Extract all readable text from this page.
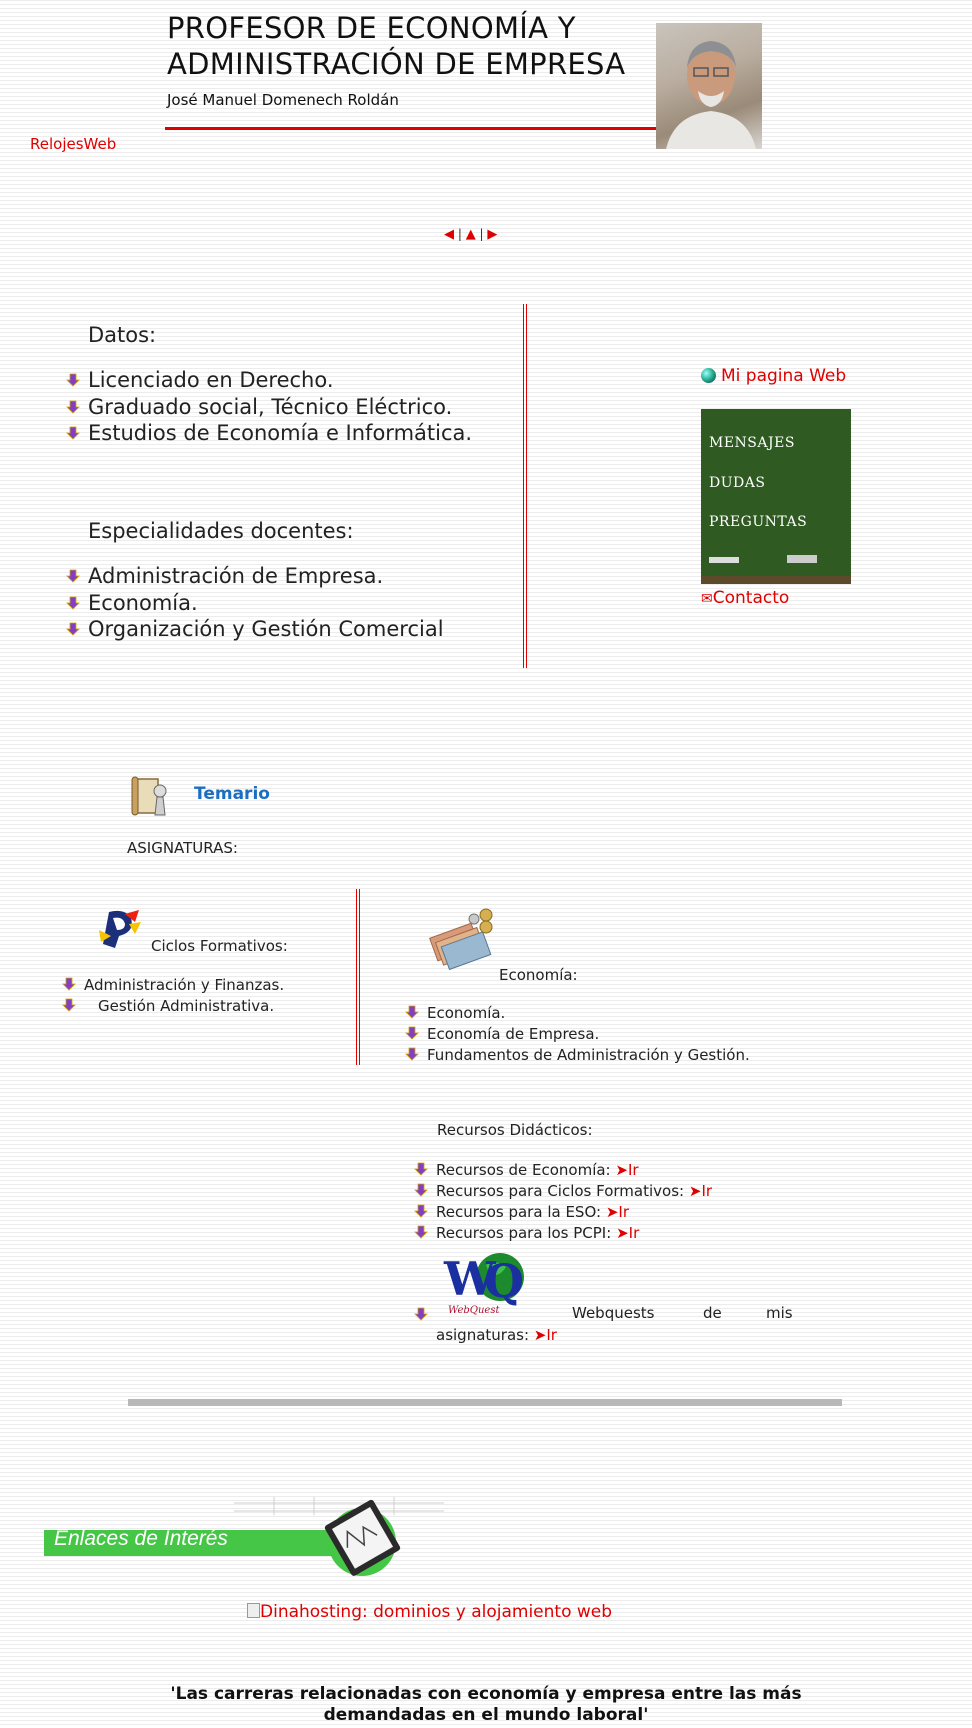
PROFESOR DE ECONOMÍA Y ADMINISTRACIÓN DE EMPRESA
José Manuel Domenech Roldán
RelojesWeb
◀ | ▲ | ▶
Datos:
Licenciado en Derecho.
Graduado social, Técnico Eléctrico.
Estudios de Economía e Informática.
Especialidades docentes:
Administración de Empresa.
Economía.
Organización y Gestión Comercial
Mi pagina Web
MENSAJES
DUDAS
PREGUNTAS
✉Contacto
Temario
ASIGNATURAS:
Ciclos Formativos:
Administración y Finanzas.
Gestión Administrativa.
Economía:
Economía.
Economía de Empresa.
Fundamentos de Administración y Gestión.
Recursos Didácticos:
Recursos de Economía: ➤Ir
Recursos para Ciclos Formativos: ➤Ir
Recursos para la ESO: ➤Ir
Recursos para los PCPI: ➤Ir
W
Q
WebQuest	Webquests	de	mis
asignaturas: ➤Ir
Enlaces de Interés
Dinahosting: dominios y alojamiento web
'Las carreras relacionadas con economía y empresa entre las más
demandadas en el mundo laboral'
